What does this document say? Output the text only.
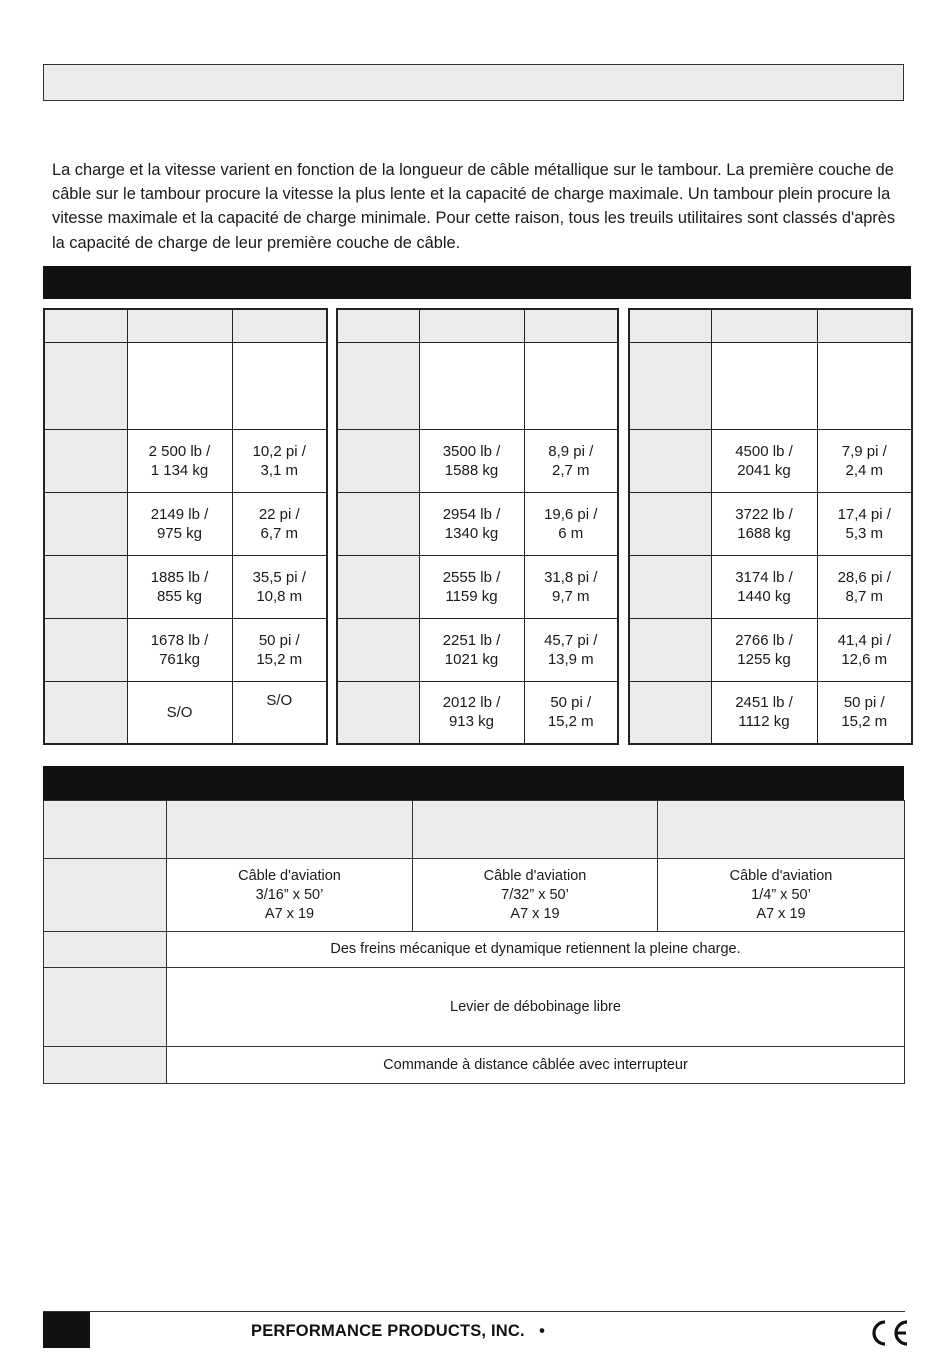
La charge et la vitesse varient en fonction de la longueur de câble métallique sur le tambour. La première couche de câble sur le tambour procure la vitesse la plus lente et la capacité de charge maximale. Un tambour plein procure la vitesse maximale et la capacité de charge minimale. Pour cette raison, tous les treuils utilitaires sont classés d'après la capacité de charge de leur première couche de câble.

	2 500 lb /
1 134 kg	10,2 pi /
3,1 m
	2149 lb /
975 kg	22 pi /
6,7 m
	1885 lb /
855 kg	35,5 pi /
10,8 m
	1678 lb /
761kg	50 pi /
15,2 m
	S/O	S/O

	3500 lb /
1588 kg	8,9 pi /
2,7 m
	2954 lb /
1340 kg	19,6 pi /
6 m
	2555 lb /
1159 kg	31,8 pi /
9,7 m
	2251 lb /
1021 kg	45,7 pi /
13,9 m
	2012 lb /
913 kg	50 pi /
15,2 m

	4500 lb /
2041 kg	7,9 pi /
2,4 m
	3722 lb /
1688 kg	17,4 pi /
5,3 m
	3174 lb /
1440 kg	28,6 pi /
8,7 m
	2766 lb /
1255 kg	41,4 pi /
12,6 m
	2451 lb /
1112 kg	50 pi /
15,2 m

	Câble d'aviation
3/16” x 50’
A7 x 19	Câble d'aviation
7/32” x 50’
A7 x 19	Câble d'aviation
1/4” x 50’
A7 x 19
	Des freins mécanique et dynamique retiennent la pleine charge.		
	Levier de débobinage libre		
	Commande à distance câblée avec interrupteur		
PERFORMANCE PRODUCTS, INC.   •
